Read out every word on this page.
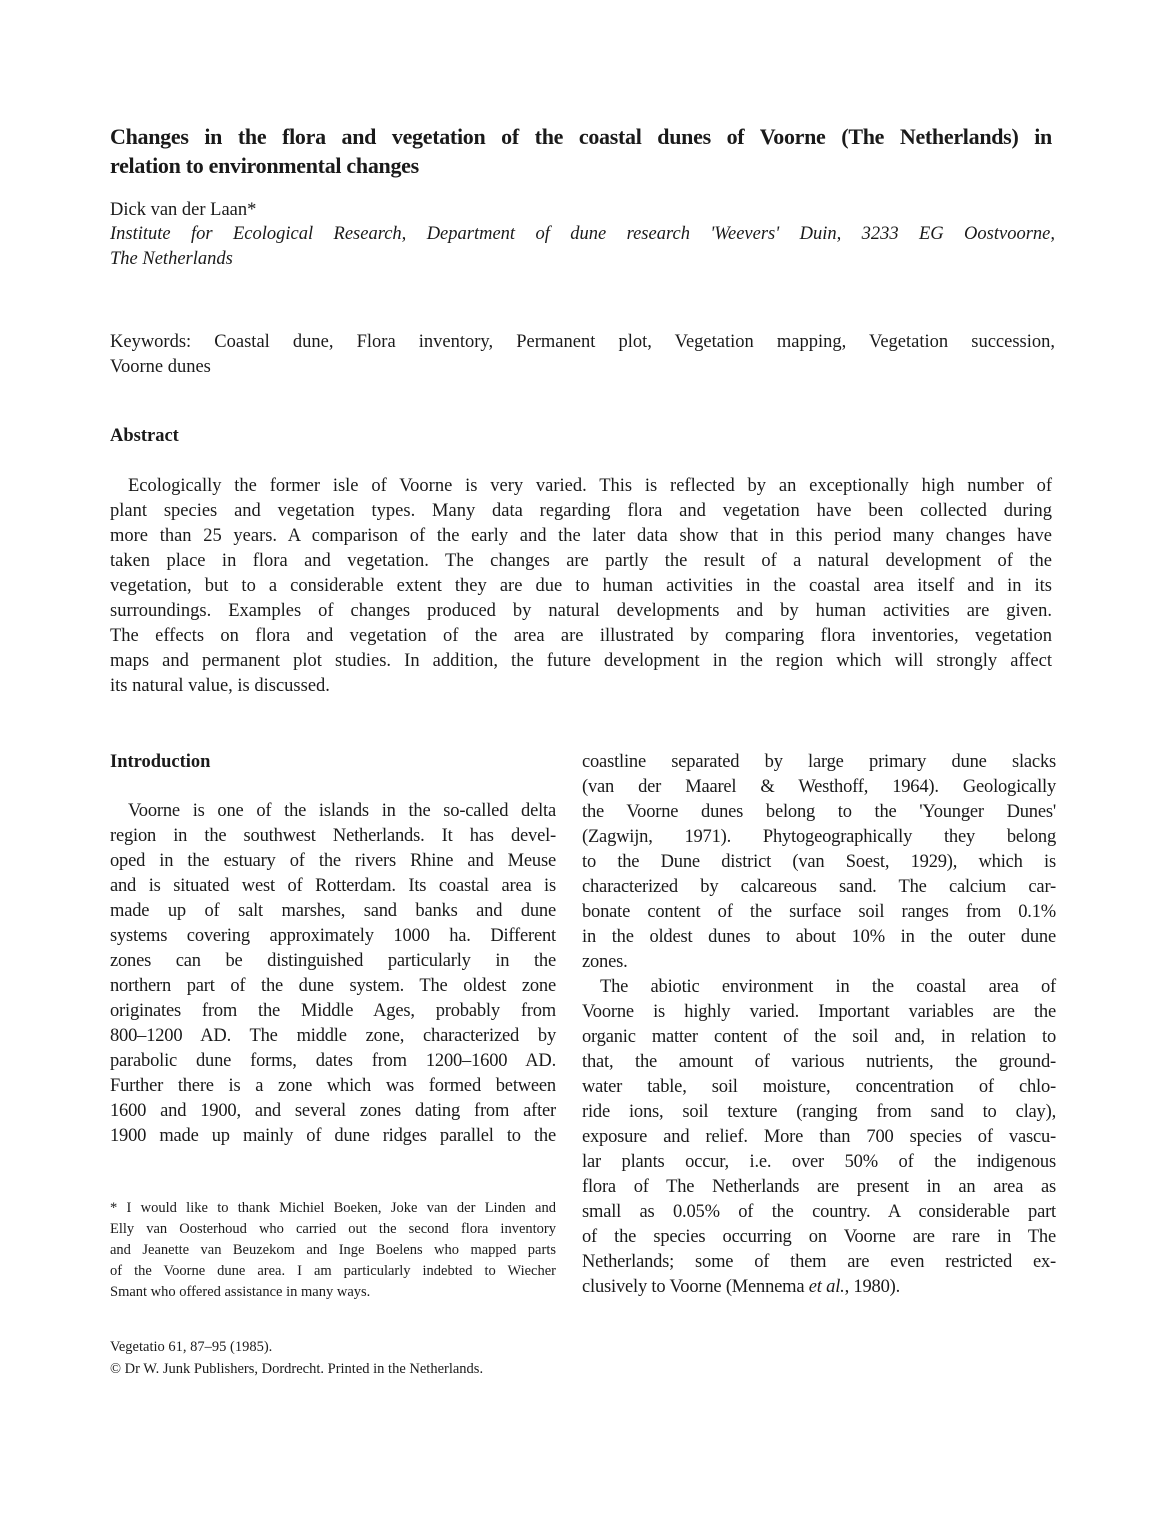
Changes in the flora and vegetation of the coastal dunes of Voorne (The Netherlands) in
relation to environmental changes
Dick van der Laan*
Institute for Ecological Research, Department of dune research 'Weevers' Duin, 3233 EG Oostvoorne,
The Netherlands
Keywords: Coastal dune, Flora inventory, Permanent plot, Vegetation mapping, Vegetation succession,
Voorne dunes
Abstract
Ecologically the former isle of Voorne is very varied. This is reflected by an exceptionally high number of
plant species and vegetation types. Many data regarding flora and vegetation have been collected during
more than 25 years. A comparison of the early and the later data show that in this period many changes have
taken place in flora and vegetation. The changes are partly the result of a natural development of the
vegetation, but to a considerable extent they are due to human activities in the coastal area itself and in its
surroundings. Examples of changes produced by natural developments and by human activities are given.
The effects on flora and vegetation of the area are illustrated by comparing flora inventories, vegetation
maps and permanent plot studies. In addition, the future development in the region which will strongly affect
its natural value, is discussed.
Introduction
Voorne is one of the islands in the so-called delta
region in the southwest Netherlands. It has devel-
oped in the estuary of the rivers Rhine and Meuse
and is situated west of Rotterdam. Its coastal area is
made up of salt marshes, sand banks and dune
systems covering approximately 1000 ha. Different
zones can be distinguished particularly in the
northern part of the dune system. The oldest zone
originates from the Middle Ages, probably from
800–1200 AD. The middle zone, characterized by
parabolic dune forms, dates from 1200–1600 AD.
Further there is a zone which was formed between
1600 and 1900, and several zones dating from after
1900 made up mainly of dune ridges parallel to the
coastline separated by large primary dune slacks
(van der Maarel & Westhoff, 1964). Geologically
the Voorne dunes belong to the 'Younger Dunes'
(Zagwijn, 1971). Phytogeographically they belong
to the Dune district (van Soest, 1929), which is
characterized by calcareous sand. The calcium car-
bonate content of the surface soil ranges from 0.1%
in the oldest dunes to about 10% in the outer dune
zones.
The abiotic environment in the coastal area of
Voorne is highly varied. Important variables are the
organic matter content of the soil and, in relation to
that, the amount of various nutrients, the ground-
water table, soil moisture, concentration of chlo-
ride ions, soil texture (ranging from sand to clay),
exposure and relief. More than 700 species of vascu-
lar plants occur, i.e. over 50% of the indigenous
flora of The Netherlands are present in an area as
small as 0.05% of the country. A considerable part
of the species occurring on Voorne are rare in The
Netherlands; some of them are even restricted ex-
clusively to Voorne (Mennema et al., 1980).
* I would like to thank Michiel Boeken, Joke van der Linden and
Elly van Oosterhoud who carried out the second flora inventory
and Jeanette van Beuzekom and Inge Boelens who mapped parts
of the Voorne dune area. I am particularly indebted to Wiecher
Smant who offered assistance in many ways.
Vegetatio 61, 87–95 (1985).
© Dr W. Junk Publishers, Dordrecht. Printed in the Netherlands.
